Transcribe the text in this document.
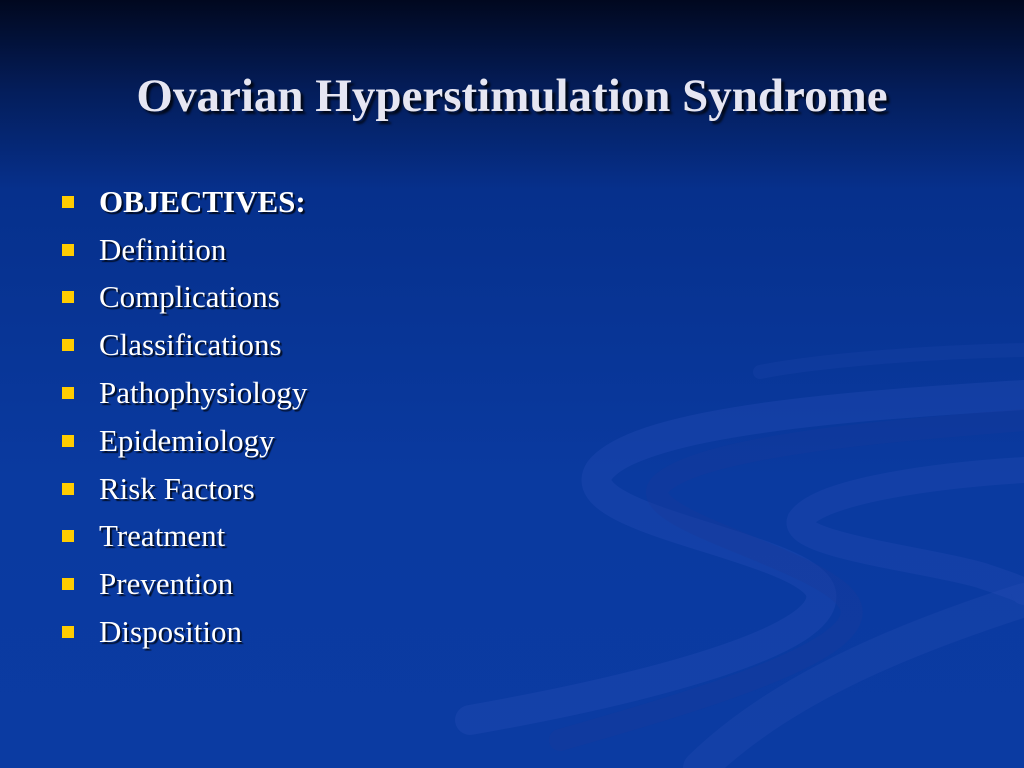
Ovarian Hyperstimulation Syndrome
OBJECTIVES:
Definition
Complications
Classifications
Pathophysiology
Epidemiology
Risk Factors
Treatment
Prevention
Disposition
